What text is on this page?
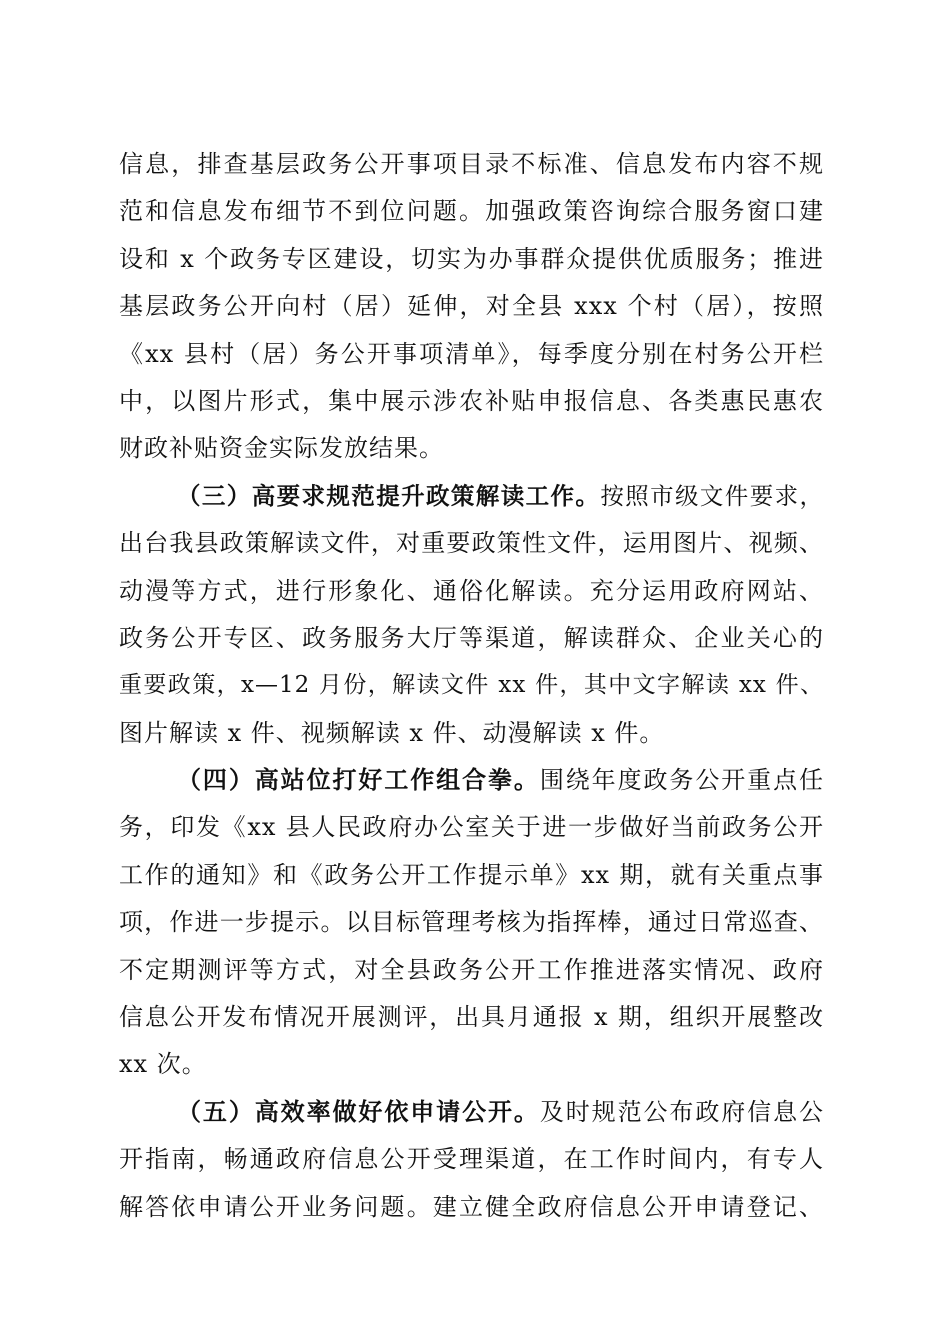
信息，排查基层政务公开事项目录不标准、信息发布内容不规
范和信息发布细节不到位问题。加强政策咨询综合服务窗口建
设和 x 个政务专区建设，切实为办事群众提供优质服务；推进
基层政务公开向村（居）延伸，对全县 xxx 个村（居），按照
《xx 县村（居）务公开事项清单》，每季度分别在村务公开栏
中，以图片形式，集中展示涉农补贴申报信息、各类惠民惠农
财政补贴资金实际发放结果。
（三）高要求规范提升政策解读工作。按照市级文件要求，
出台我县政策解读文件，对重要政策性文件，运用图片、视频、
动漫等方式，进行形象化、通俗化解读。充分运用政府网站、
政务公开专区、政务服务大厅等渠道，解读群众、企业关心的
重要政策，x—12 月份，解读文件 xx 件，其中文字解读 xx 件、
图片解读 x 件、视频解读 x 件、动漫解读 x 件。
（四）高站位打好工作组合拳。围绕年度政务公开重点任
务，印发《xx 县人民政府办公室关于进一步做好当前政务公开
工作的通知》和《政务公开工作提示单》xx 期，就有关重点事
项，作进一步提示。以目标管理考核为指挥棒，通过日常巡查、
不定期测评等方式，对全县政务公开工作推进落实情况、政府
信息公开发布情况开展测评，出具月通报 x 期，组织开展整改
xx 次。
（五）高效率做好依申请公开。及时规范公布政府信息公
开指南，畅通政府信息公开受理渠道，在工作时间内，有专人
解答依申请公开业务问题。建立健全政府信息公开申请登记、
